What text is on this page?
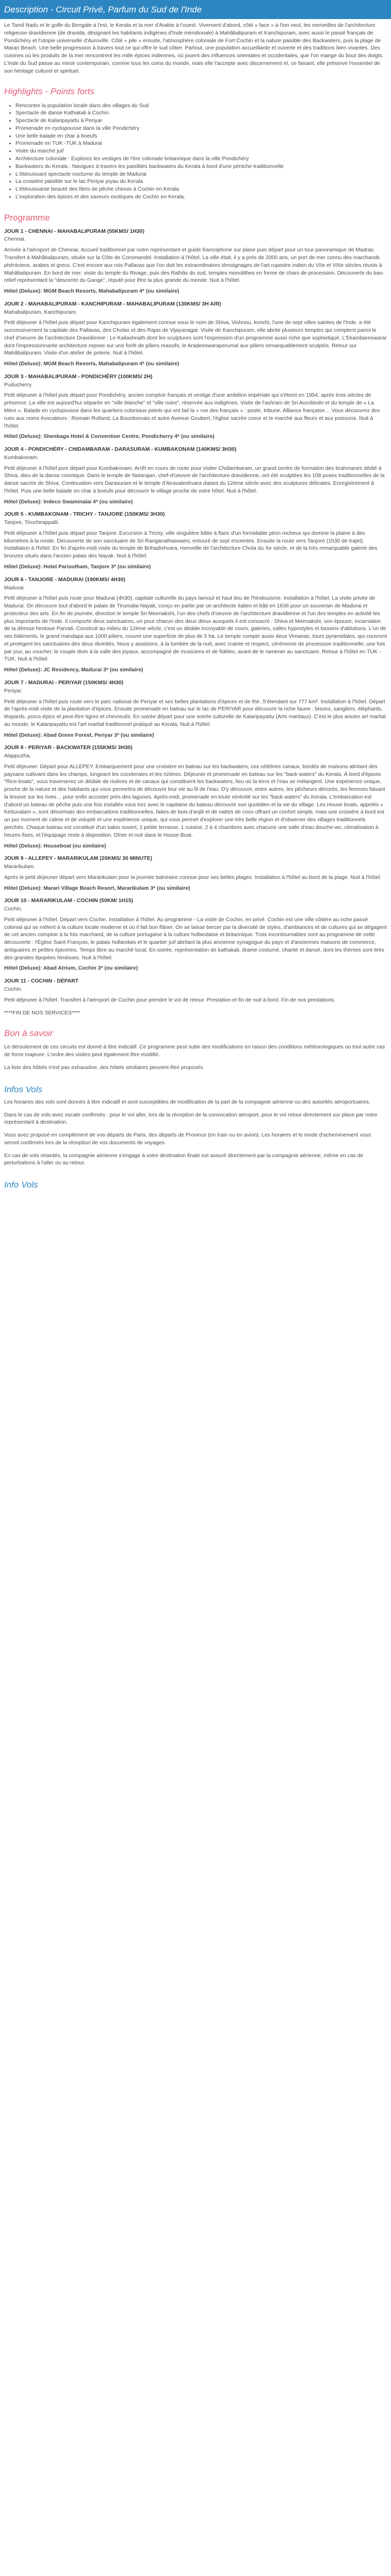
Description - Circuit Privé, Parfum du Sud de l'Inde

Le Tamil Nadu et le golfe du Bengale à l'est, le Kerala et la mer d'Arabie à l'ouest. Vivement d'abord, côté « face » à l'ion veut, les merveilles de l'architecture religieuse dravidienne (de dravida, désignant les habitants indigènes d'Inde méridionale) à Mahâbalipuram et Kanchipuram, avec aussi le passé français de Pondichéry et l'utopie universelle d'Auroville. Côté « pile » ensuite, l'atmosphère coloniale de Fort Cochin et la nature paisible des Backwaters, puis la plage de Marari Beach. Une belle progression à travers tout ce qui offre le sud côtier. Partout, une population accueillante et ouverte et des traditions bien vivantes. Des cuisines où les produits de la mer rencontrent les mille épices indiennes, où jouent des influences orientales et occidentales, que l'on mange du bout des doigts. L'Inde du Sud passe au miroir contemporain, comme tous les coins du monde, mais elle l'accepte avec discernement et, ce faisant, elle préserve l'essentiel de son héritage culturel et spirituel.

Highlights - Points forts
• Rencontre la population locale dans des villages du Sud
• Spectacle de danse Kathakali à Cochin
• Spectacle de Kalaripayattu à Periyar
• Promenade en cyclopousse dans la ville Pondichéry
• Une belle balade en char à boeufs
• Promenade en TUK -TUK à Madurai
• Visite du marché juif
• Architecture coloniale : Explorez les vestiges de l'ère coloniale britannique dans la ville Pondichéry
• Backwaters du Kerala : Naviguez à travers les paisibles backwaters du Kerala à bord d'une péniche traditionnelle
• L'éblouissant spectacle nocturne du temple de Madurai
• La croisière paisible sur le lac Periyar joyau du Kerala
• L'éblouissante beauté des filets de pêche chinois à Cochin en Kerala
• L'exploration des épices et des saveurs exotiques de Cochin en Kerala.
Programme
JOUR 1 - CHENNAI - MAHABALIPURAM (55KMS/ 1H30)
Chennai.
Arrivée à l'aéroport de Chennai. Accueil traditionnel par notre représentant et guide francophone sur place puis départ pour un tour panoramique de Madras. Transfert à Mahâbalipuram, située sur la Côte de Coromandel. Installation à l'hôtel. La ville était, il y a près de 2000 ans, un port de mer connu des marchands phéniciens, arabes et grecs. C'est encore aux rois Pallavas que l'on doit les extraordinaires témoignages de l'art rupestre indien du VIIe et VIIIe siècles réunis à Mahâbalipuram. En bord de mer, visite du temple du Rivage, puis des Rathâs du sud, temples monolithes en forme de chars de procession. Découverte du bas-relief représentant la "descente du Gange", réputé pour être la plus grande du monde. Nuit à l'hôtel.
Hôtel (Deluxe): MGM Beach Resorts, Mahabalipuram 4* (ou similaire)
JOUR 2 - MAHABALIPURAM - KANCHIPURAM - MAHABALIPURAM (130KMS/ 3H A/R)
Mahabalipuram, Kanchipuram.
Petit déjeuner à l'hôtel puis départ pour Kanchipuram également connue sous le nom de Shiva, Vishnou, konchi, l'une de sept villes saintes de l'Inde, a été successivement la capitale des Pallavas, des Cholas et des Rajas de Vijayanagar. Visite de Kanchipuram, elle abrite plusieurs temples qui comptent parmi le chef d'oeuvre de l'architecture Dravidienne : Le Kailashnath dont les sculptures sont l'expression d'un programme aussi riche que sophistiqué. L'Ekambareswarar dont l'impressionnante architecture repose sur une forêt de piliers massifs, le Aradeeswaraperumal aux piliers remarquablement sculptés. Retour sur Mahâbalipuram. Visite d'un atelier de poterie. Nuit à l'hôtel.
Hôtel (Deluxe): MGM Beach Resorts, Mahabalipuram 4* (ou similaire)
JOUR 3 - MAHABALIPURAM - PONDICHÉRY (100KMS/ 2H)
Puducherry.
Petit déjeuner à l'hôtel puis départ pour Pondichéry, ancien comptoir français et vestige d'une ambition impériale qui s'éteint en 1954, après trois siècles de présence. La ville est aujourd'hui séparée en "ville blanche" et "ville noire", réservée aux indigènes. Visite de l'ashram de Sri Aurobindo et du temple de « La Mère ». Balade en cyclopousse dans les quartiers coloniaux peints qui ont fait la « rue des français » : poste, tribune, Alliance française… Vous découvrez des rues aux noms évocateurs : Romain Rolland, La Bourdonnais et autre Avenue Goubert, l'église sacrée coeur et le marché aux fleurs et aux poissons. Nuit à l'hôtel.
Hôtel (Deluxe): Shenbaga Hotel & Convention Centre, Pondicherry 4* (ou similaire)
JOUR 4 - PONDICHÉRY - CHIDAMBARAM - DARASURAM - KUMBAKONAM (140KMS/ 3H30)
Kumbakonam.
Petit déjeuner à l'hôtel puis départ pour Kumbakonam. Arrêt en cours de route pour visiter Chidambaram, un grand centre de formation des brahmanes dédié à Shiva, dieu de la danse cosmique. Dans le temple de Natarajan, chef-d'oeuvre de l'architecture dravidienne, ont été sculptées les 108 poses traditionnelles de la danse sacrée de Shiva. Continuation vers Darasuram et le temple d'Airavateshvara datant du 12ème siècle avec des sculptures délicates. Enregistrement à l'hôtel. Puis une belle balade en char à boeufs pour découvrir le village proche de votre hôtel. Nuit à l'hôtel.
Hôtel (Deluxe): Indeco Swaminalai 4* (ou similaire)
JOUR 5 - KUMBAKONAM - TRICHY - TANJORE (150KMS/ 3H30)
Tanjore, Tiruchirappalli.
Petit déjeuner à l'hôtel puis départ pour Tanjore. Excursion à Trichy, ville singulière bâtie à flanc d'un formidable piton rocheux qui domine la plaine à des kilomètres à la ronde. Découverte de son sanctuaire de Sri Ranganathaswami, entouré de sept enceintes. Ensuite la route vers Tanjore (1h30 de trajet). Installation à l'hôtel. En fin d'après-midi visite du temple de Brihadishvara, merveille de l'architecture Chola du Xe siècle, et de la très remarquable galerie des bronzes situés dans l'ancien palais des Nayak. Nuit à l'hôtel.
Hôtel (Deluxe): Hotel Parisutham, Tanjore 3* (ou similaire)
JOUR 6 - TANJORE - MADURAI (190KMS/ 4H30)
Madurai.
Petit déjeuner à l'hôtel puis route pour Madurai (4h30), capitale culturelle du pays tamoul et haut lieu de l'hindouisme. Installation à l'hôtel. La visite privée de Madurai. On découvre tout d'abord le palais de Tirumalai Nayak, conçu en partie par un architecte italien et bâti en 1636 pour un souverain de Madurai et protecteur des arts. En fin de journée, direction le temple Sri Meenakshi, l'un des chefs d'oeuvre de l'architecture dravidienne et l'un des temples en activité les plus importants de l'Inde. Il comporte deux sanctuaires, un pour chacun des deux dieux auxquels il est consacré : Shiva et Meenakshi, son épouse, incarnation de la déesse hindoue Parvati. Construit au milieu du 12ème siècle, c'est un dédale incroyable de cours, galeries, salles hypostyles et bassins d'ablutions. L'un de ses bâtiments, le grand mandapa aux 1000 piliers, couvre une superficie de plus de 5 ha. Le temple compte aussi deux Vimanas, tours pyramidales, qui couvrent et protègent les sanctuaires des deux divinités. Nous y assistons, à la tombée de la nuit, avec crainte et respect, cérémonie de procession traditionnelle, une fois par jour, au coucher, le couple divin à la salle des joyaux, accompagné de musiciens et de fidèles, avant de le ramener au sanctuaire. Retour à l'hôtel en TUK -TUK. Nuit à l'hôtel.
Hôtel (Deluxe): JC Residency, Madurai 3* (ou similaire)
JOUR 7 - MADURAI - PERIYAR (150KMS/ 4H30)
Periyar.
Petit déjeuner à l'hôtel puis route vers le parc national de Periyar et ses belles plantations d'épices et de thé. S'étendant sur 777 km². Installation à l'hôtel. Départ de l'après-midi visite de la plantation d'épices. Ensuite promenade en bateau sur le lac de PERIYAR pour découvrir la riche faune : bisons, sangliers, éléphants, léopards, porcs-épics et peut-être tigres et chevreuils. En soirée départ pour une soirée culturelle de Kalaripayattu (Arts martiaux). C'est le plus ancien art martial au monde, le Kalaripayattu est l'art martial traditionnel pratiqué au Kerala. Nuit à l'hôtel.
Hôtel (Deluxe): Abad Green Forest, Periyar 3* (ou similaire)
JOUR 8 - PERIYAR - BACKWATER (155KMS/ 3H30)
Alappuzha.
Petit déjeuner. Départ pour ALLEPEY. Embarquement pour une croisière en bateau sur les backwaters, ces célèbres canaux, bordés de maisons abritant des paysans cultivant dans les champs, longeant les cocoteraies et les rizières. Déjeuner et promenade en bateau sur les "back waters" du Kerala. À bord d'épices "Rice-boats", vous traverserez un dédale de rivières et de canaux qui constituent les backwaters, lieu où la terre et l'eau se mélangent. Une expérience unique, proche de la nature et des habitants qui vous permettra de découvrir leur vie au fil de l'eau. D'y découvrir, entre autres, les pêcheurs décorés, les femmes faisant la lessive sur les rives… pour enfin accoster près des lagunes. Après-midi, promenade en toute sérénité sur les "back waters" du Kerala. L'embarcation est d'abord un bateau de pêche puis une fois installés vous irez avec le capitaine du bateau découvrir son quotidien et la vie du village. Les House boats, appelés « Kettuvalam », sont désormais des embarcations traditionnelles, faites de bois d'anjili et de nattes de coco offrant un confort simple, mais une croisière à bord est un pur moment de calme et de volupté et une expérience unique, qui vous permet d'explorer une très belle région et d'observer des villages traditionnels perchés. Chaque bateau est constitué d'un salon ouvert, 1 petite terrasse, 1 cuisine, 2 à 4 chambres avec chacune une salle d'eau douche-wc, climatisation à heures fixes, et l'équipage reste à disposition. Dîner et nuit dans le House Boat.
Hôtel (Deluxe): Houseboat (ou similaire)
JOUR 9 - ALLEPEY - MARARIKULAM (20KMS/ 30 MINUTE)
Mararikulam.
Après le petit déjeuner départ vers Mararikulam pour la journée balnéaire connue pour ses belles plages. Installation à l'hôtel au bord de la plage. Nuit à l'hôtel.
Hôtel (Deluxe): Marari Village Beach Resort, Mararikulam 3* (ou similaire)
JOUR 10 - MARARIKULAM - COCHIN (50KM/ 1H15)
Cochin.
Petit déjeuner à l'hôtel. Départ vers Cochin. Installation à l'hôtel. Au programme - La visite de Cochin, en privé. Cochin est une ville côtière au riche passé colonial qui se mêlent à la culture locale moderne et où il fait bon flâner. On se laisse bercer par la diversité de styles, d'ambiances et de cultures qui se dégagent de cet ancien comptoir à la fois marchand, de la culture portugaise à la culture hollandaise et britannique. Trois incontournables sont au programme de cette découverte : l'Église Saint François, le palais hollandais et le quartier juif abritant la plus ancienne synagogue du pays et d'anciennes maisons de commerce, antiquaires et petites épiceries. Temps libre au marché local. En soirée, représentation de kathakali, drame costumé, chanté et dansé, dont les thèmes sont tirés des grandes épopées hindoues. Nuit à l'hôtel.
Hôtel (Deluxe): Abad Atrium, Cochin 3* (ou similaire)
JOUR 11 - COCHIN - DÉPART
Cochin.
Petit déjeuner à l'hôtel. Transfert à l'aéroport de Cochin pour prendre le vol de retour. Prestation et fin de nuit à bord. Fin de nos prestations.

****FIN DE NOS SERVICES****

Bon à savoir

Le déroulement de ces circuits est donné à titre indicatif. Ce programme peut subir des modifications en raison des conditions météorologiques ou tout autre cas de force majeure. L'ordre des visites peut également être modifié.

La liste des hôtels n'est pas exhaustive, des hôtels similaires peuvent être proposés

Infos Vols

Les horaires des vols sont donnés à titre indicatif et sont susceptibles de modification de la part de la compagnie aérienne ou des autorités aéroportuaires.

Dans le cas de vols avec escale confirmés : pour le vol aller, lors de la réception de la convocation aéroport, pour le vol retour directement sur place par notre représentant à destination.

Vous avez proposé en complément de vos départs de Paris, des départs de Province (en train ou en avion). Les horaires et le mode d'acheminement vous seront confirmés lors de la réception de vos documents de voyages.

En cas de vols retardés, la compagnie aérienne s'engage à votre destination finale est assuré directement par la compagnie aérienne, même en cas de perturbations à l'aller ou au retour.

Info Vols
